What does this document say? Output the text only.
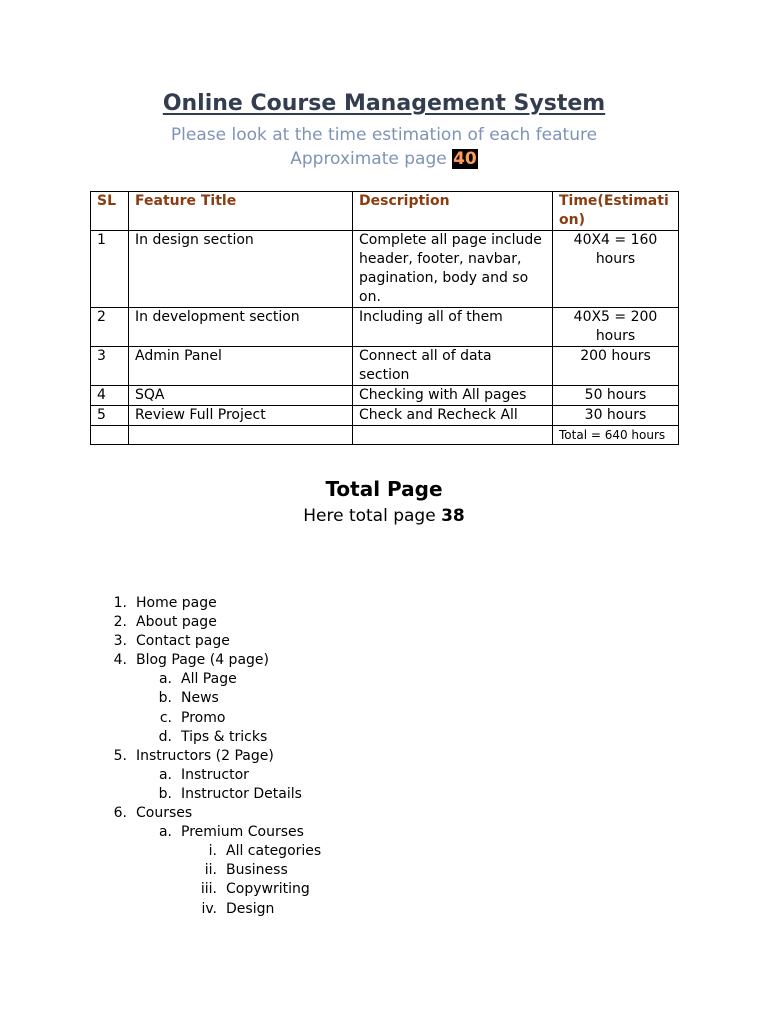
Online Course Management System
Please look at the time estimation of each feature
Approximate page 40
SL	Feature Title	Description	Time(Estimation)
1	In design section	Complete all page include header, footer, navbar, pagination, body and so on.	40X4 = 160 hours
2	In development section	Including all of them	40X5 = 200 hours
3	Admin Panel	Connect all of data section	200 hours
4	SQA	Checking with All pages	50 hours
5	Review Full Project	Check and Recheck All	30 hours
			Total = 640 hours
Total Page
Here total page 38
1. Home page
2. About page
3. Contact page
4. Blog Page (4 page)
a. All Page
b. News
c. Promo
d. Tips & tricks
5. Instructors (2 Page)
a. Instructor
b. Instructor Details
6. Courses
a. Premium Courses
i. All categories
ii. Business
iii. Copywriting
iv. Design
